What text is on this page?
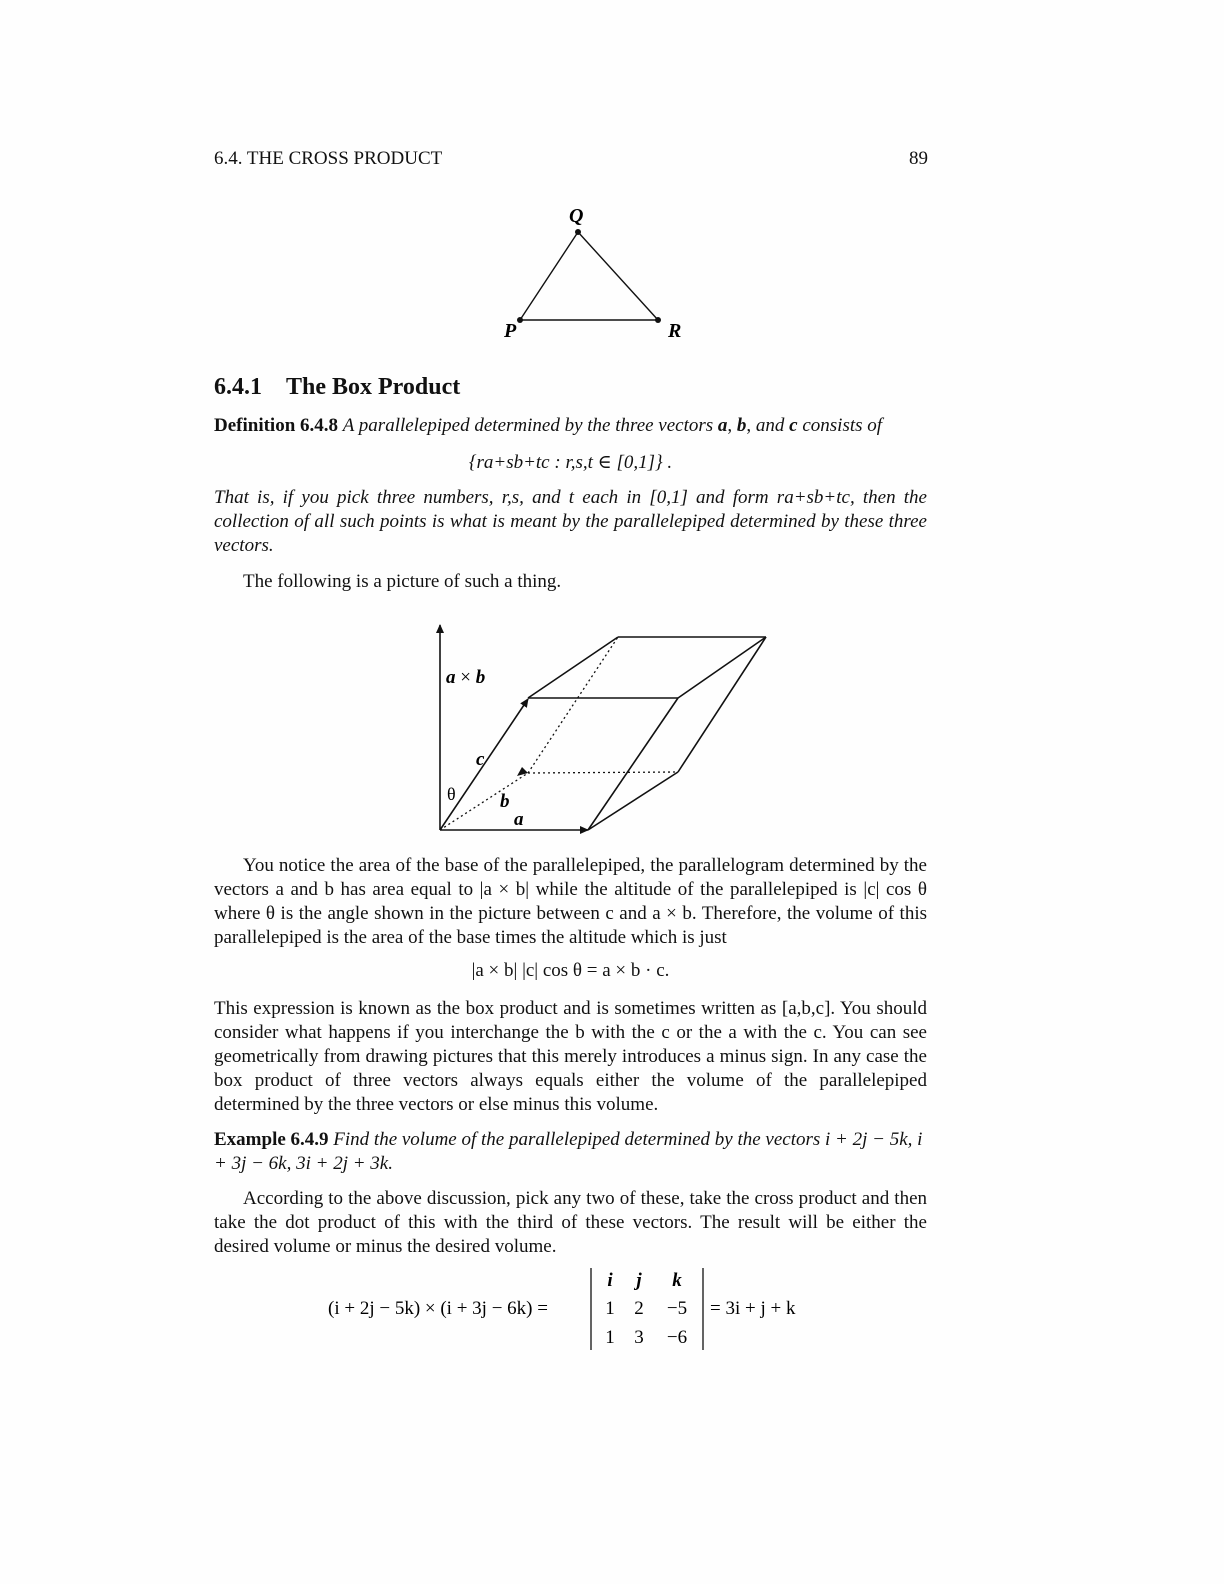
6.4. THE CROSS PRODUCT	89
Q
P	R
6.4.1 The Box Product
Definition 6.4.8 A parallelepiped determined by the three vectors a, b, and c consists of
{ra+sb+tc : r,s,t ∈ [0,1]} .
That is, if you pick three numbers, r,s, and t each in [0,1] and form ra+sb+tc, then the collection of all such points is what is meant by the parallelepiped determined by these three vectors.
The following is a picture of such a thing.
a × b
c
θ b
a
You notice the area of the base of the parallelepiped, the parallelogram determined by the vectors a and b has area equal to |a × b| while the altitude of the parallelepiped is |c| cos θ where θ is the angle shown in the picture between c and a × b. Therefore, the volume of this parallelepiped is the area of the base times the altitude which is just
|a × b| |c| cos θ = a × b · c.
This expression is known as the box product and is sometimes written as [a,b,c]. You should consider what happens if you interchange the b with the c or the a with the c. You can see geometrically from drawing pictures that this merely introduces a minus sign. In any case the box product of three vectors always equals either the volume of the parallelepiped determined by the three vectors or else minus this volume.
Example 6.4.9 Find the volume of the parallelepiped determined by the vectors i + 2j − 5k, i + 3j − 6k, 3i + 2j + 3k.
According to the above discussion, pick any two of these, take the cross product and then take the dot product of this with the third of these vectors. The result will be either the desired volume or minus the desired volume.
(i + 2j − 5k) × (i + 3j − 6k) =
i j k
1 2 −5
1 3 −6
= 3i + j + k
